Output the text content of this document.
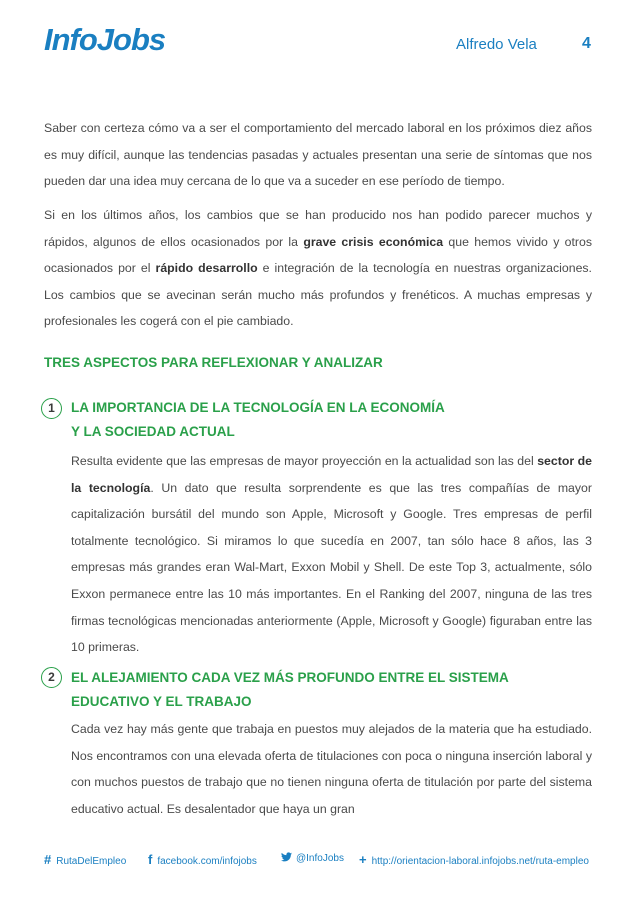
InfoJobs	Alfredo Vela	4

Saber con certeza cómo va a ser el comportamiento del mercado laboral en los próximos diez años es muy difícil, aunque las tendencias pasadas y actuales presentan una serie de síntomas que nos pueden dar una idea muy cercana de lo que va a suceder en ese período de tiempo.

Si en los últimos años, los cambios que se han producido nos han podido parecer muchos y rápidos, algunos de ellos ocasionados por la grave crisis económica que hemos vivido y otros ocasionados por el rápido desarrollo e integración de la tecnología en nuestras organizaciones. Los cambios que se avecinan serán mucho más profundos y frenéticos. A muchas empresas y profesionales les cogerá con el pie cambiado.

TRES ASPECTOS PARA REFLEXIONAR Y ANALIZAR
1	LA IMPORTANCIA DE LA TECNOLOGÍA EN LA ECONOMÍA
Y LA SOCIEDAD ACTUAL

Resulta evidente que las empresas de mayor proyección en la actualidad son las del sector de la tecnología. Un dato que resulta sorprendente es que las tres compañías de mayor capitalización bursátil del mundo son Apple, Microsoft y Google. Tres empresas de perfil totalmente tecnológico. Si miramos lo que sucedía en 2007, tan sólo hace 8 años, las 3 empresas más grandes eran Wal-Mart, Exxon Mobil y Shell. De este Top 3, actualmente, sólo Exxon permanece entre las 10 más importantes. En el Ranking del 2007, ninguna de las tres firmas tecnológicas mencionadas anteriormente (Apple, Microsoft y Google) figuraban entre las 10 primeras.

2	EL ALEJAMIENTO CADA VEZ MÁS PROFUNDO ENTRE EL SISTEMA
EDUCATIVO Y EL TRABAJO

Cada vez hay más gente que trabaja en puestos muy alejados de la materia que ha estudiado. Nos encontramos con una elevada oferta de titulaciones con poca o ninguna inserción laboral y con muchos puestos de trabajo que no tienen ninguna oferta de titulación por parte del sistema educativo actual. Es desalentador que haya un gran

# RutaDelEmpleo f facebook.com/infojobs	@InfoJobs + http://orientacion-laboral.infojobs.net/ruta-empleo
